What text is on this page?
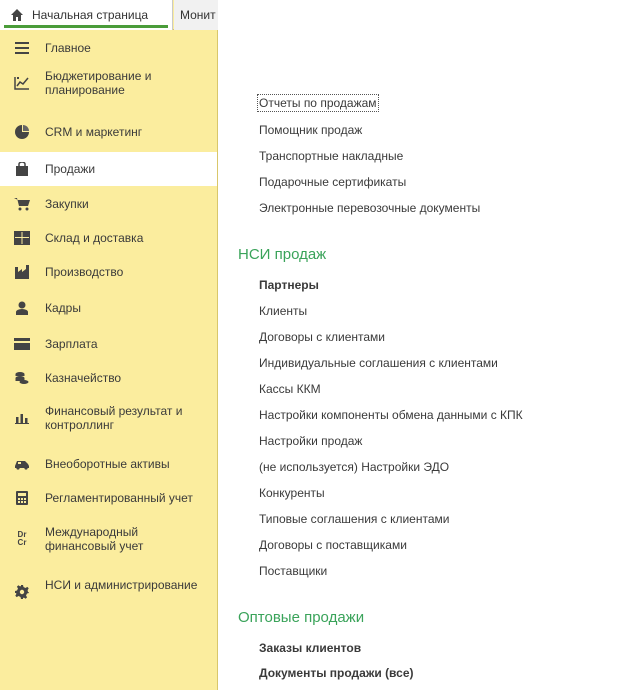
Начальная страница	Монит
Главное
Бюджетирование и планирование
CRM и маркетинг
Продажи
Закупки
Склад и доставка
Производство
Кадры
Зарплата
Казначейство
Финансовый результат и контроллинг
Внеоборотные активы
Регламентированный учет
Dr
Cr
Международный финансовый учет
НСИ и администрирование
Отчеты по продажам
Помощник продаж
Транспортные накладные
Подарочные сертификаты
Электронные перевозочные документы
НСИ продаж
Партнеры
Клиенты
Договоры с клиентами
Индивидуальные соглашения с клиентами
Кассы ККМ
Настройки компоненты обмена данными с КПК
Настройки продаж
(не используется) Настройки ЭДО
Конкуренты
Типовые соглашения с клиентами
Договоры с поставщиками
Поставщики
Оптовые продажи
Заказы клиентов
Документы продажи (все)
